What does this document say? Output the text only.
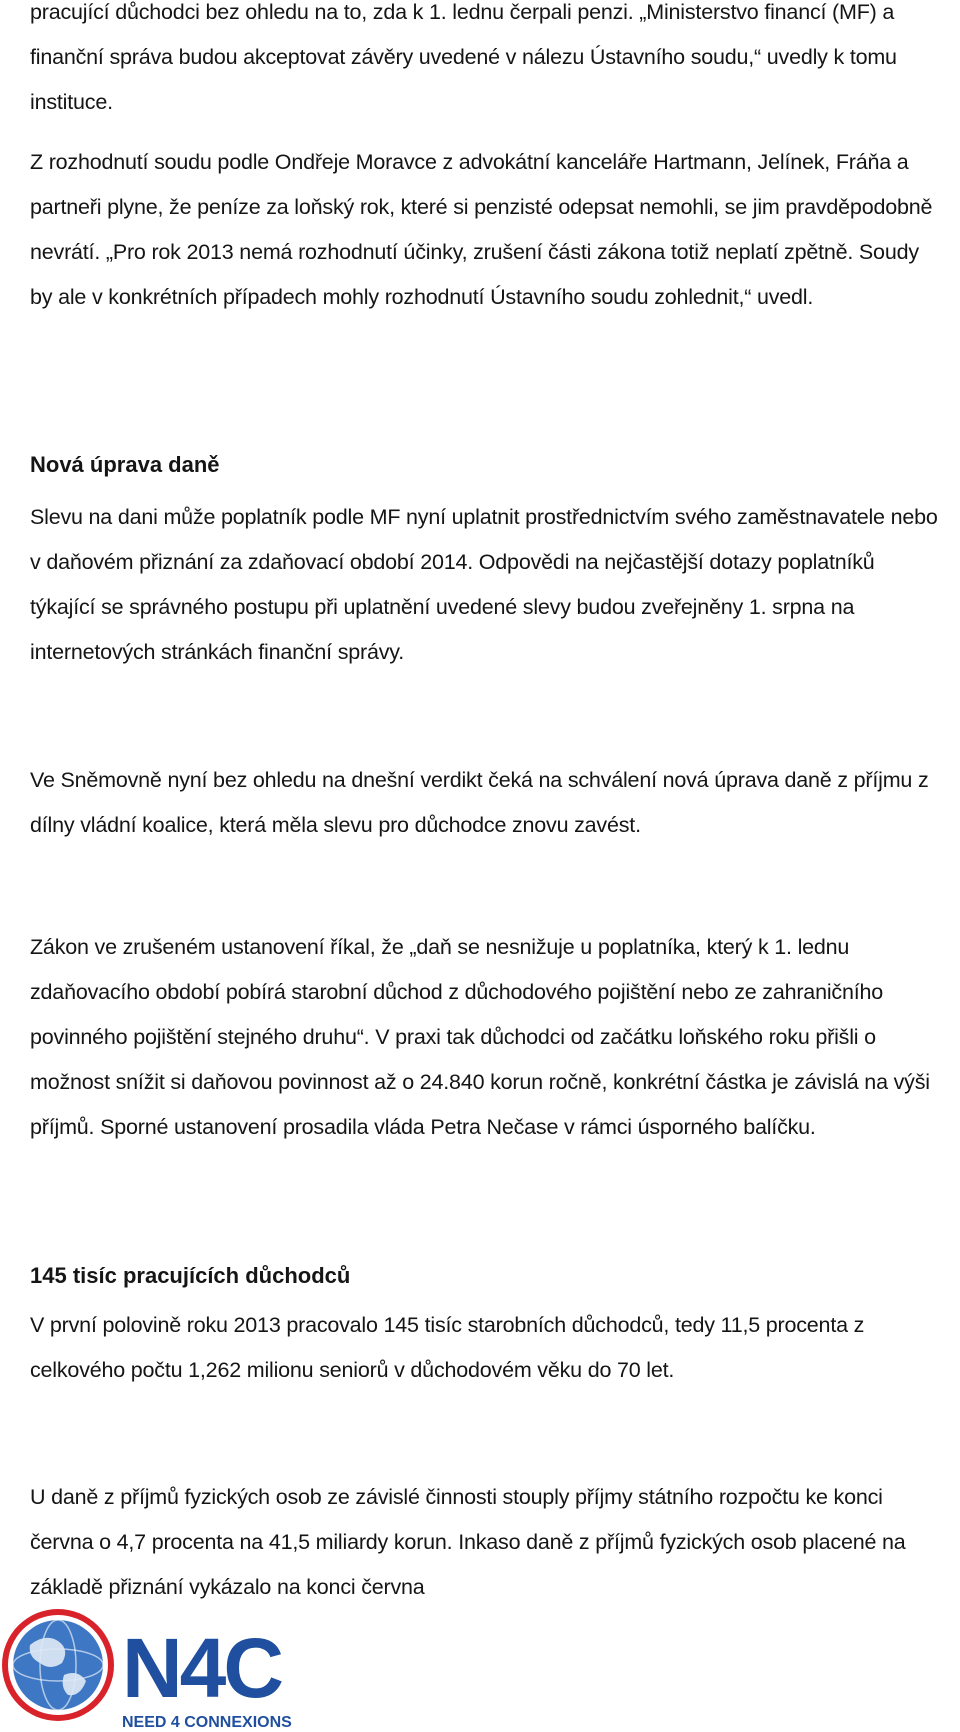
pracující důchodci bez ohledu na to, zda k 1. lednu čerpali penzi. „Ministerstvo financí (MF) a finanční správa budou akceptovat závěry uvedené v nálezu Ústavního soudu,“ uvedly k tomu instituce.

Z rozhodnutí soudu podle Ondřeje Moravce z advokátní kanceláře Hartmann, Jelínek, Fráňa a partneři plyne, že peníze za loňský rok, které si penzisté odepsat nemohli, se jim pravděpodobně nevrátí. „Pro rok 2013 nemá rozhodnutí účinky, zrušení části zákona totiž neplatí zpětně. Soudy by ale v konkrétních případech mohly rozhodnutí Ústavního soudu zohlednit,“ uvedl.

Nová úprava daně

Slevu na dani může poplatník podle MF nyní uplatnit prostřednictvím svého zaměstnavatele nebo v daňovém přiznání za zdaňovací období 2014. Odpovědi na nejčastější dotazy poplatníků týkající se správného postupu při uplatnění uvedené slevy budou zveřejněny 1. srpna na internetových stránkách finanční správy.

Ve Sněmovně nyní bez ohledu na dnešní verdikt čeká na schválení nová úprava daně z příjmu z dílny vládní koalice, která měla slevu pro důchodce znovu zavést.

Zákon ve zrušeném ustanovení říkal, že „daň se nesnižuje u poplatníka, který k 1. lednu zdaňovacího období pobírá starobní důchod z důchodového pojištění nebo ze zahraničního povinného pojištění stejného druhu“. V praxi tak důchodci od začátku loňského roku přišli o možnost snížit si daňovou povinnost až o 24.840 korun ročně, konkrétní částka je závislá na výši příjmů. Sporné ustanovení prosadila vláda Petra Nečase v rámci úsporného balíčku.

145 tisíc pracujících důchodců

V první polovině roku 2013 pracovalo 145 tisíc starobních důchodců, tedy 11,5 procenta z celkového počtu 1,262 milionu seniorů v důchodovém věku do 70 let.

U daně z příjmů fyzických osob ze závislé činnosti stouply příjmy státního rozpočtu ke konci června o 4,7 procenta na 41,5 miliardy korun. Inkaso daně z příjmů fyzických osob placené na základě přiznání vykázalo na konci června

N4C
NEED 4 CONNEXIONS
